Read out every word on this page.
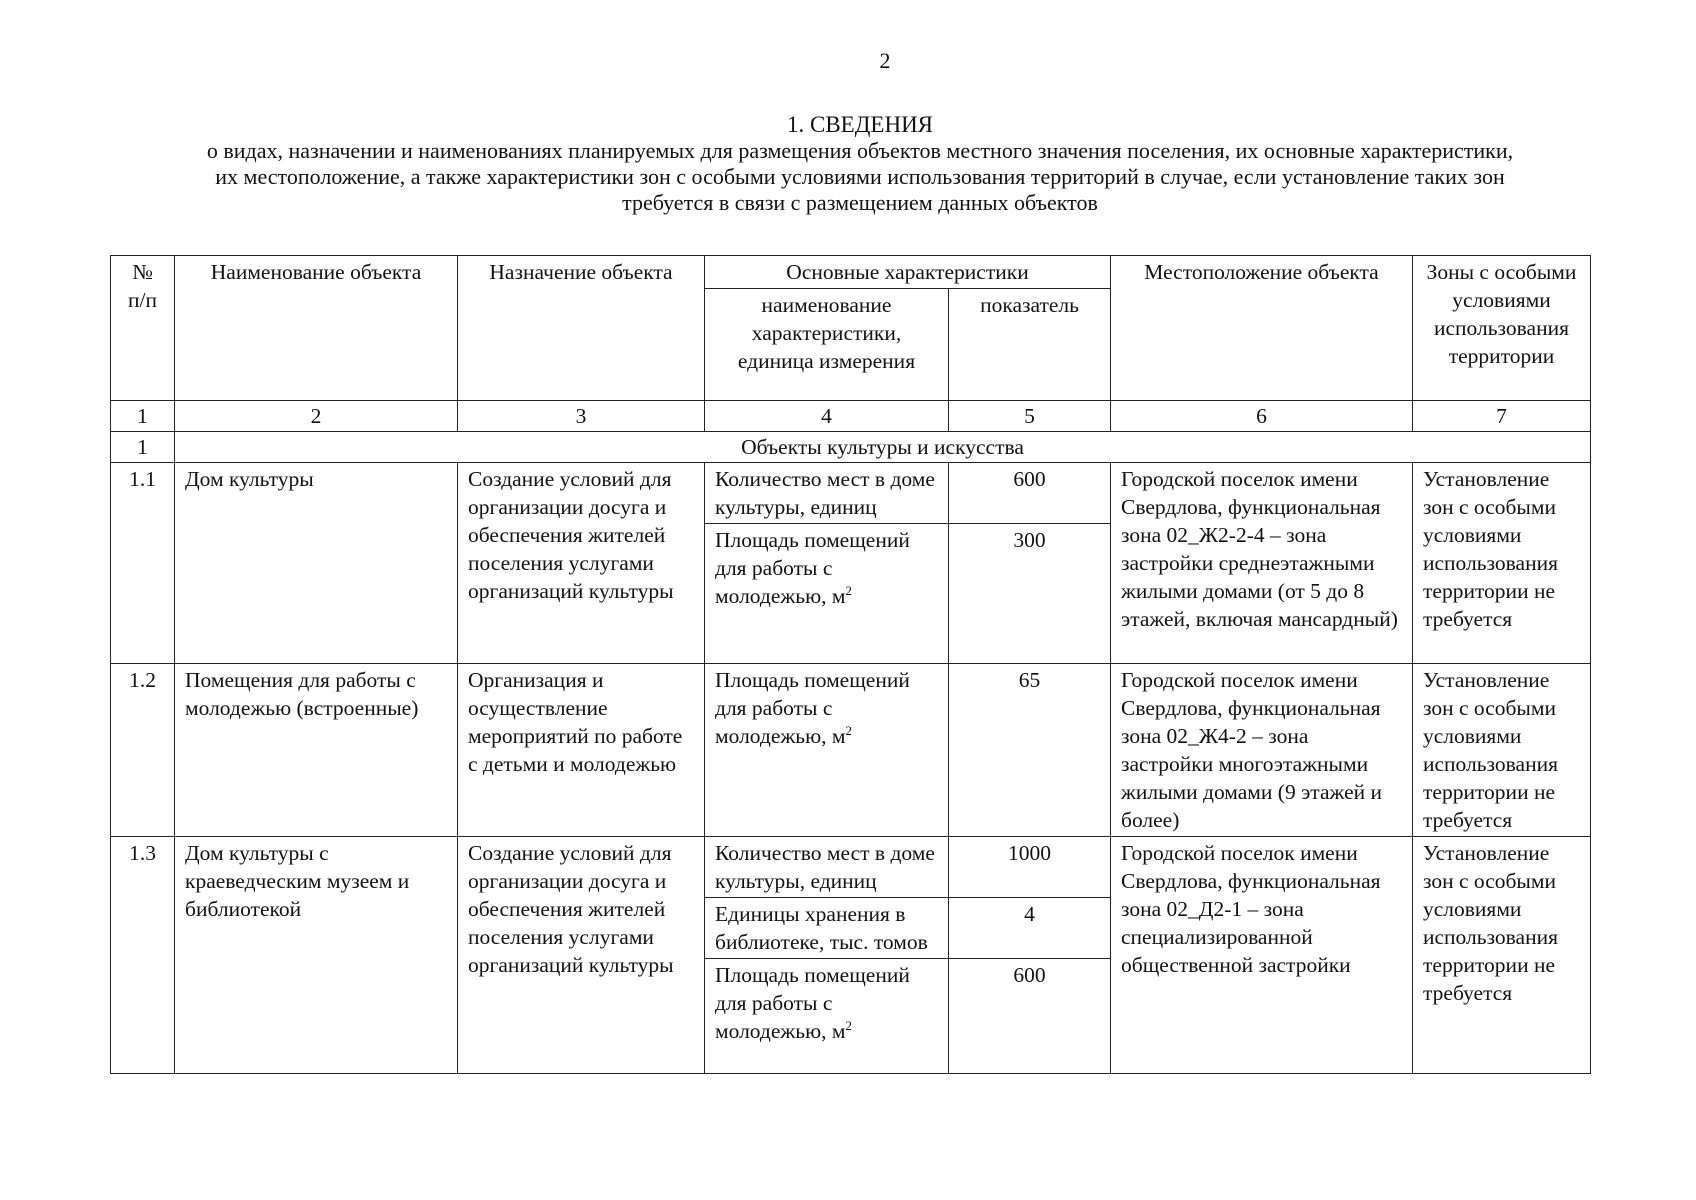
2
1. СВЕДЕНИЯ
о видах, назначении и наименованиях планируемых для размещения объектов местного значения поселения, их основные характеристики,
их местоположение, а также характеристики зон с особыми условиями использования территорий в случае, если установление таких зон
требуется в связи с размещением данных объектов
№ п/п	Наименование объекта	Назначение объекта	Основные характеристики		Местоположение объекта	Зоны с особыми условиями использования территории
			наименование характеристики, единица измерения	показатель		
1	2	3	4	5	6	7
1	Объекты культуры и искусства					
1.1	Дом культуры	Создание условий для организации досуга и обеспечения жителей поселения услугами организаций культуры	Количество мест в доме культуры, единиц	600	Городской поселок имени Свердлова, функциональная зона 02_Ж2-2-4 – зона застройки среднеэтажными жилыми домами (от 5 до 8 этажей, включая мансардный)	Установление зон с особыми условиями использования территории не требуется
			Площадь помещений для работы с молодежью, $м^2$	300		
1.2	Помещения для работы с молодежью (встроенные)	Организация и осуществление мероприятий по работе с детьми и молодежью	Площадь помещений для работы с молодежью, $м^2$	65	Городской поселок имени Свердлова, функциональная зона 02_Ж4-2 – зона застройки многоэтажными жилыми домами (9 этажей и более)	Установление зон с особыми условиями использования территории не требуется
1.3	Дом культуры с краеведческим музеем и библиотекой	Создание условий для организации досуга и обеспечения жителей поселения услугами организаций культуры	Количество мест в доме культуры, единиц	1000	Городской поселок имени Свердлова, функциональная зона 02_Д2-1 – зона специализированной общественной застройки	Установление зон с особыми условиями использования территории не требуется
			Единицы хранения в библиотеке, тыс. томов	4		
			Площадь помещений для работы с молодежью, $м^2$	600		
